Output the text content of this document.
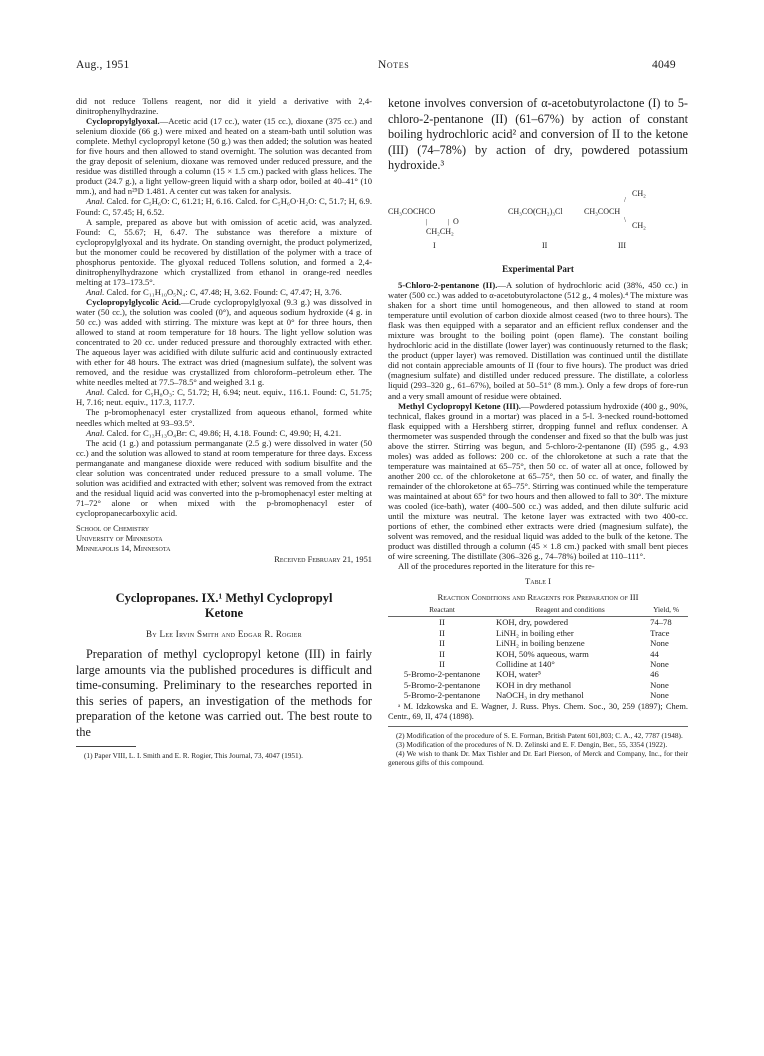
Aug., 1951	Notes	4049

did not reduce Tollens reagent, nor did it yield a derivative with 2,4-dinitrophenylhydrazine.

Cyclopropylglyoxal.—Acetic acid (17 cc.), water (15 cc.), dioxane (375 cc.) and selenium dioxide (66 g.) were mixed and heated on a steam-bath until solution was complete. Methyl cyclopropyl ketone (50 g.) was then added; the solution was heated for five hours and then allowed to stand overnight. The solution was decanted from the gray deposit of selenium, dioxane was removed under reduced pressure, and the residue was distilled through a column (15 × 1.5 cm.) packed with glass helices. The product (24.7 g.), a light yellow-green liquid with a sharp odor, boiled at 40–41° (10 mm.), and had n²⁵D 1.481. A center cut was taken for analysis.

Anal. Calcd. for C₅H₆O: C, 61.21; H, 6.16. Calcd. for C₅H₆O·H₂O: C, 51.7; H, 6.9. Found: C, 57.45; H, 6.52.

A sample, prepared as above but with omission of acetic acid, was analyzed. Found: C, 55.67; H, 6.47. The substance was therefore a mixture of cyclopropylglyoxal and its hydrate. On standing overnight, the product polymerized, but the monomer could be recovered by distillation of the polymer with a trace of phosphorus pentoxide. The glyoxal reduced Tollens solution, and formed a 2,4-dinitrophenylhydrazone which crystallized from ethanol in orange-red needles melting at 173–173.5°.

Anal. Calcd. for C₁₁H₁₀O₅N₄: C, 47.48; H, 3.62. Found: C, 47.47; H, 3.76.

Cyclopropylglycolic Acid.—Crude cyclopropylglyoxal (9.3 g.) was dissolved in water (50 cc.), the solution was cooled (0°), and aqueous sodium hydroxide (4 g. in 50 cc.) was added with stirring. The mixture was kept at 0° for three hours, then allowed to stand at room temperature for 18 hours. The light yellow solution was concentrated to 20 cc. under reduced pressure and thoroughly extracted with ether. The aqueous layer was acidified with dilute sulfuric acid and continuously extracted with ether for 48 hours. The extract was dried (magnesium sulfate), the solvent was removed, and the residue was crystallized from chloroform–petroleum ether. The white needles melted at 77.5–78.5° and weighed 3.1 g.

Anal. Calcd. for C₅H₈O₃: C, 51.72; H, 6.94; neut. equiv., 116.1. Found: C, 51.75; H, 7.16; neut. equiv., 117.3, 117.7.

The p-bromophenacyl ester crystallized from aqueous ethanol, formed white needles which melted at 93–93.5°.

Anal. Calcd. for C₁₃H₁₃O₄Br: C, 49.86; H, 4.18. Found: C, 49.90; H, 4.21.

The acid (1 g.) and potassium permanganate (2.5 g.) were dissolved in water (50 cc.) and the solution was allowed to stand at room temperature for three days. Excess permanganate and manganese dioxide were reduced with sodium bisulfite and the clear solution was concentrated under reduced pressure to a small volume. The solution was acidified and extracted with ether; solvent was removed from the extract and the residual liquid acid was converted into the p-bromophenacyl ester melting at 71–72° alone or when mixed with the p-bromophenacyl ester of cyclopropanecarboxylic acid.

School of Chemistry
University of Minnesota
Minneapolis 14, Minnesota
Received February 21, 1951
Cyclopropanes. IX.¹ Methyl Cyclopropyl
Ketone
By Lee Irvin Smith and Edgar R. Rogier
Preparation of methyl cyclopropyl ketone (III) in fairly large amounts via the published procedures is difficult and time-consuming. Preliminary to the researches reported in this series of papers, an investigation of the methods for preparation of the ketone was carried out. The best route to the

(1) Paper VIII, L. I. Smith and E. R. Rogier, This Journal, 73, 4047 (1951).

ketone involves conversion of α-acetobutyrolactone (I) to 5-chloro-2-pentanone (II) (61–67%) by action of constant boiling hydrochloric acid² and conversion of II to the ketone (III) (74–78%) by action of dry, powdered potassium hydroxide.³
CH₃COCHCO
|	| O
CH₂CH₂
I
CH₃CO(CH₂)₃Cl
II
/
CH₂
CH₃COCH
\
CH₂
III
Experimental Part

5-Chloro-2-pentanone (II).—A solution of hydrochloric acid (38%, 450 cc.) in water (500 cc.) was added to α-acetobutyrolactone (512 g., 4 moles).⁴ The mixture was shaken for a short time until homogeneous, and then allowed to stand at room temperature until evolution of carbon dioxide almost ceased (two to three hours). The flask was then equipped with a separator and an efficient reflux condenser and the mixture was brought to the boiling point (open flame). The constant boiling hydrochloric acid in the distillate (lower layer) was continuously returned to the flask; the product (upper layer) was removed. Distillation was continued until the distillate did not contain appreciable amounts of II (four to five hours). The product was dried (magnesium sulfate) and distilled under reduced pressure. The distillate, a colorless liquid (293–320 g., 61–67%), boiled at 50–51° (8 mm.). Only a few drops of fore-run and a very small amount of residue were obtained.

Methyl Cyclopropyl Ketone (III).—Powdered potassium hydroxide (400 g., 90%, technical, flakes ground in a mortar) was placed in a 5-l. 3-necked round-bottomed flask equipped with a Hershberg stirrer, dropping funnel and reflux condenser. A thermometer was suspended through the condenser and fixed so that the bulb was just above the stirrer. Stirring was begun, and 5-chloro-2-pentanone (II) (595 g., 4.93 moles) was added as follows: 200 cc. of the chloroketone at such a rate that the temperature was maintained at 65–75°, then 50 cc. of water all at once, followed by another 200 cc. of the chloroketone at 65–75°, then 50 cc. of water, and finally the remainder of the chloroketone at 65–75°. Stirring was continued while the temperature was maintained at about 65° for two hours and then allowed to fall to 30°. The mixture was cooled (ice-bath), water (400–500 cc.) was added, and then dilute sulfuric acid until the mixture was neutral. The ketone layer was extracted with two 400-cc. portions of ether, the combined ether extracts were dried (magnesium sulfate), the solvent was removed, and the residual liquid was added to the bulk of the ketone. The product was distilled through a column (45 × 1.8 cm.) packed with small bent pieces of wire screening. The distillate (306–326 g., 74–78%) boiled at 110–111°.

All of the procedures reported in the literature for this re-

Table I
Reaction Conditions and Reagents for Preparation of III
Reactant	Reagent and conditions	Yield, %
II	KOH, dry, powdered	74–78
II	LiNH₂ in boiling ether	Trace
II	LiNH₂ in boiling benzene	None
II	KOH, 50% aqueous, warm	44
II	Collidine at 140°	None
5-Bromo-2-pentanone	KOH, water⁵	46
5-Bromo-2-pentanone	KOH in dry methanol	None
5-Bromo-2-pentanone	NaOCH₃ in dry methanol	None
ᵃ M. Idzkowska and E. Wagner, J. Russ. Phys. Chem. Soc., 30, 259 (1897); Chem. Centr., 69, II, 474 (1898).

(2) Modification of the procedure of S. E. Forman, British Patent 601,803; C. A., 42, 7787 (1948).

(3) Modification of the procedures of N. D. Zelinski and E. F. Dengin, Ber., 55, 3354 (1922).

(4) We wish to thank Dr. Max Tishler and Dr. Earl Pierson, of Merck and Company, Inc., for their generous gifts of this compound.
